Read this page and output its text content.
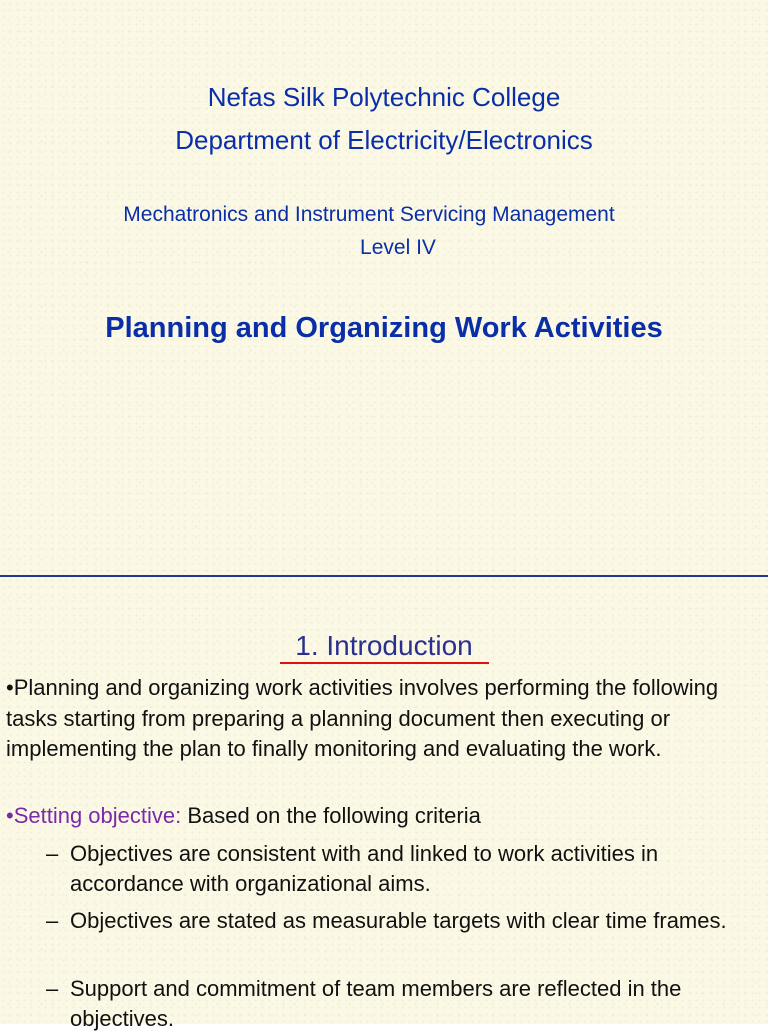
Nefas Silk Polytechnic College
Department of Electricity/Electronics
Mechatronics and Instrument Servicing Management
Level IV
Planning and Organizing Work Activities
1. Introduction
•Planning and organizing work activities involves performing the following tasks starting from preparing a planning document then executing or implementing the plan to finally monitoring and evaluating the work.
•Setting objective: Based on the following criteria
– Objectives are consistent with and linked to work activities in accordance with organizational aims.
– Objectives are stated as measurable targets with clear time frames.
– Support and commitment of team members are reflected in the objectives.
